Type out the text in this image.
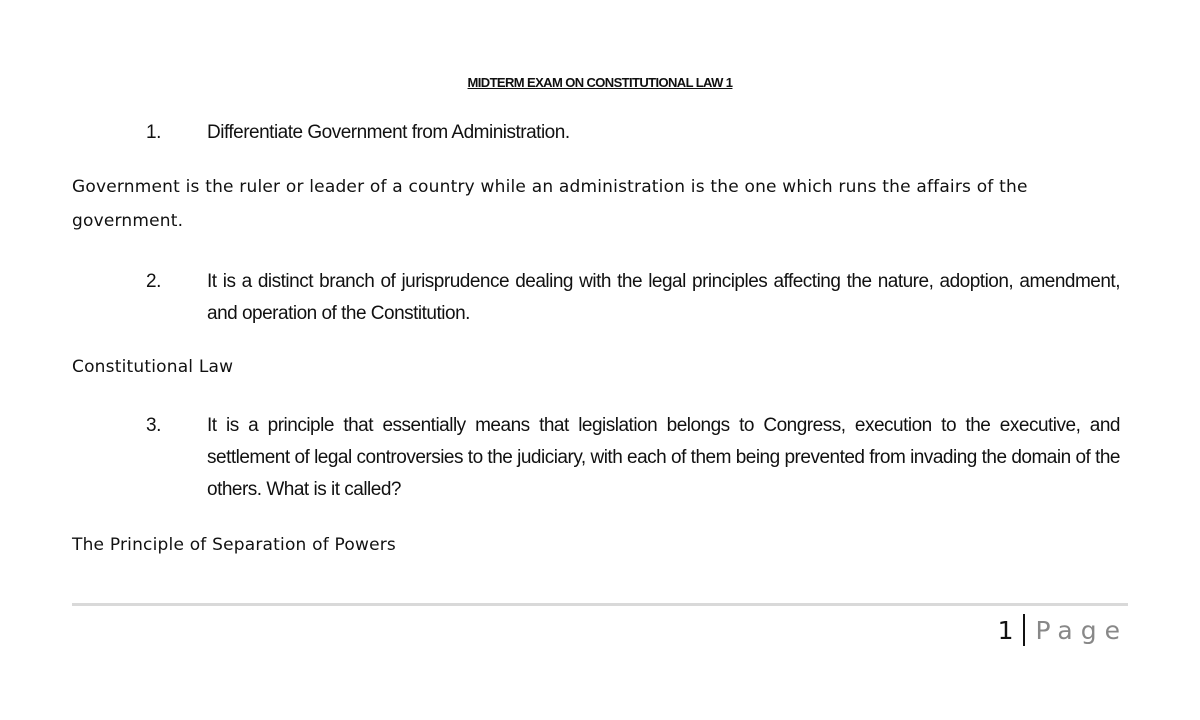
MIDTERM EXAM ON CONSTITUTIONAL LAW 1
1. Differentiate Government from Administration.
Government is the ruler or leader of a country while an administration is the one which runs the affairs of the government.
2. It is a distinct branch of jurisprudence dealing with the legal principles affecting the nature, adoption, amendment, and operation of the Constitution.
Constitutional Law
3. It is a principle that essentially means that legislation belongs to Congress, execution to the executive, and settlement of legal controversies to the judiciary, with each of them being prevented from invading the domain of the others. What is it called?
The Principle of Separation of Powers
1 Page
